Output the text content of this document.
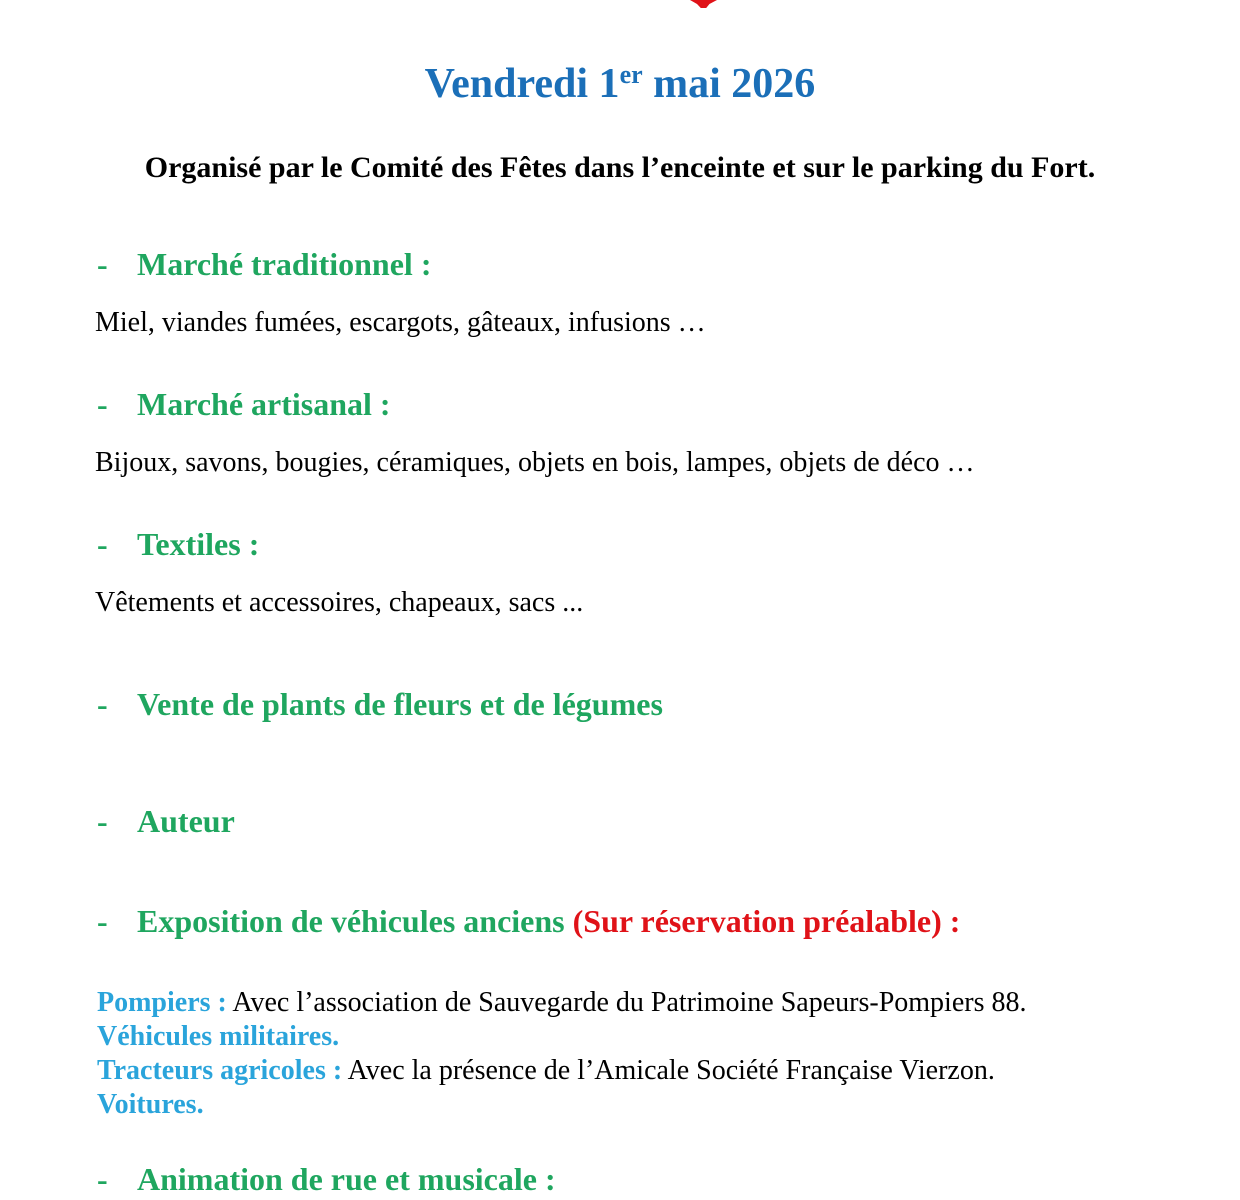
Vendredi 1er mai 2026
Organisé par le Comité des Fêtes dans l’enceinte et sur le parking du Fort.
- Marché traditionnel :

Miel, viandes fumées, escargots, gâteaux, infusions …

- Marché artisanal :

Bijoux, savons, bougies, céramiques, objets en bois, lampes, objets de déco …

- Textiles :

Vêtements et accessoires, chapeaux, sacs ...

- Vente de plants de fleurs et de légumes
- Auteur
- Exposition de véhicules anciens (Sur réservation préalable) :
Pompiers : Avec l’association de Sauvegarde du Patrimoine Sapeurs-Pompiers 88.
Véhicules militaires.
Tracteurs agricoles : Avec la présence de l’Amicale Société Française Vierzon.
Voitures.
- Animation de rue et musicale :
